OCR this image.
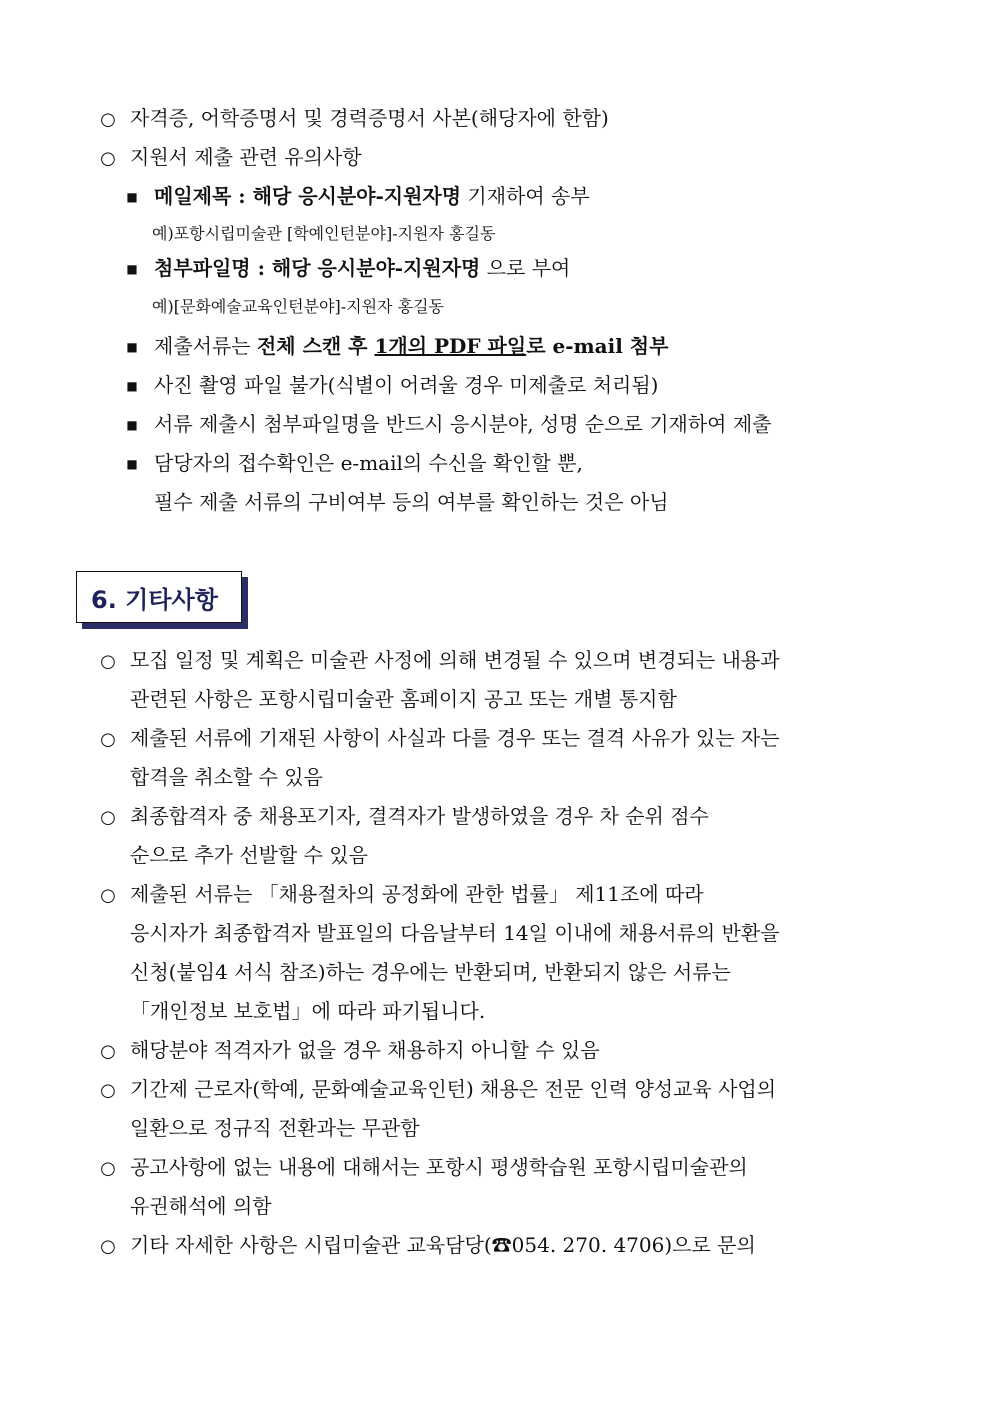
○ 자격증, 어학증명서 및 경력증명서 사본(해당자에 한함)
○ 지원서 제출 관련 유의사항
■ 메일제목 : 해당 응시분야-지원자명 기재하여 송부
예)포항시립미술관 [학예인턴분야]-지원자 홍길동
■ 첨부파일명 : 해당 응시분야-지원자명 으로 부여
예)[문화예술교육인턴분야]-지원자 홍길동
■ 제출서류는 전체 스캔 후 1개의 PDF 파일로 e-mail 첨부
■ 사진 촬영 파일 불가(식별이 어려울 경우 미제출로 처리됨)
■ 서류 제출시 첨부파일명을 반드시 응시분야, 성명 순으로 기재하여 제출
■ 담당자의 접수확인은 e-mail의 수신을 확인할 뿐,
필수 제출 서류의 구비여부 등의 여부를 확인하는 것은 아님
6. 기타사항
○ 모집 일정 및 계획은 미술관 사정에 의해 변경될 수 있으며 변경되는 내용과
관련된 사항은 포항시립미술관 홈페이지 공고 또는 개별 통지함
○ 제출된 서류에 기재된 사항이 사실과 다를 경우 또는 결격 사유가 있는 자는
합격을 취소할 수 있음
○ 최종합격자 중 채용포기자, 결격자가 발생하였을 경우 차 순위 점수
순으로 추가 선발할 수 있음
○ 제출된 서류는 「채용절차의 공정화에 관한 법률」 제11조에 따라
응시자가 최종합격자 발표일의 다음날부터 14일 이내에 채용서류의 반환을
신청(붙임4 서식 참조)하는 경우에는 반환되며, 반환되지 않은 서류는
「개인정보 보호법」에 따라 파기됩니다.
○ 해당분야 적격자가 없을 경우 채용하지 아니할 수 있음
○ 기간제 근로자(학예, 문화예술교육인턴) 채용은 전문 인력 양성교육 사업의
일환으로 정규직 전환과는 무관함
○ 공고사항에 없는 내용에 대해서는 포항시 평생학습원 포항시립미술관의
유권해석에 의함
○ 기타 자세한 사항은 시립미술관 교육담당(☎054. 270. 4706)으로 문의
